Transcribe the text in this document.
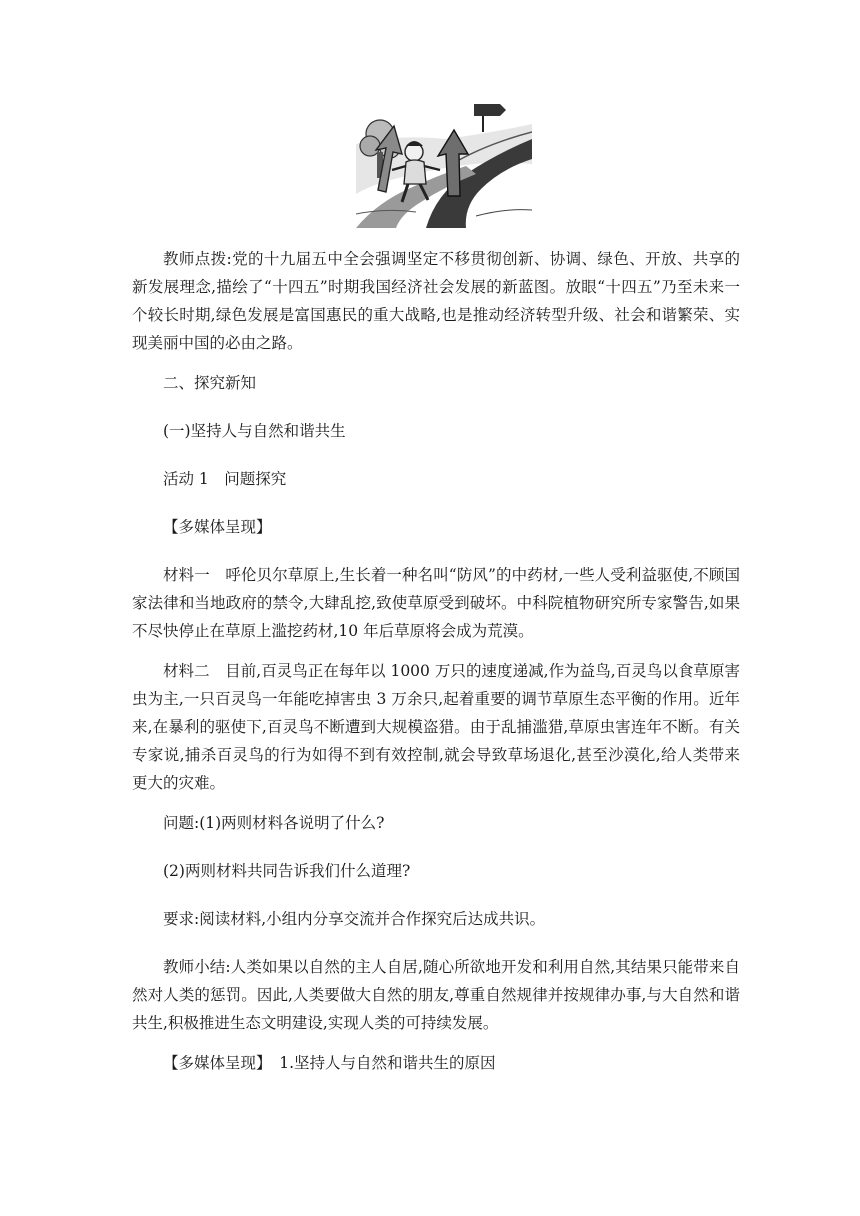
教师点拨:党的十九届五中全会强调坚定不移贯彻创新、协调、绿色、开放、共享的新发展理念,描绘了“十四五”时期我国经济社会发展的新蓝图。放眼“十四五”乃至未来一个较长时期,绿色发展是富国惠民的重大战略,也是推动经济转型升级、社会和谐繁荣、实现美丽中国的必由之路。

二、探究新知

(一)坚持人与自然和谐共生

活动 1　问题探究

【多媒体呈现】

材料一　呼伦贝尔草原上,生长着一种名叫“防风”的中药材,一些人受利益驱使,不顾国家法律和当地政府的禁令,大肆乱挖,致使草原受到破坏。中科院植物研究所专家警告,如果不尽快停止在草原上滥挖药材,10 年后草原将会成为荒漠。

材料二　目前,百灵鸟正在每年以 1000 万只的速度递减,作为益鸟,百灵鸟以食草原害虫为主,一只百灵鸟一年能吃掉害虫 3 万余只,起着重要的调节草原生态平衡的作用。近年来,在暴利的驱使下,百灵鸟不断遭到大规模盗猎。由于乱捕滥猎,草原虫害连年不断。有关专家说,捕杀百灵鸟的行为如得不到有效控制,就会导致草场退化,甚至沙漠化,给人类带来更大的灾难。

问题:(1)两则材料各说明了什么?

(2)两则材料共同告诉我们什么道理?

要求:阅读材料,小组内分享交流并合作探究后达成共识。

教师小结:人类如果以自然的主人自居,随心所欲地开发和利用自然,其结果只能带来自然对人类的惩罚。因此,人类要做大自然的朋友,尊重自然规律并按规律办事,与大自然和谐共生,积极推进生态文明建设,实现人类的可持续发展。

【多媒体呈现】　1.坚持人与自然和谐共生的原因
